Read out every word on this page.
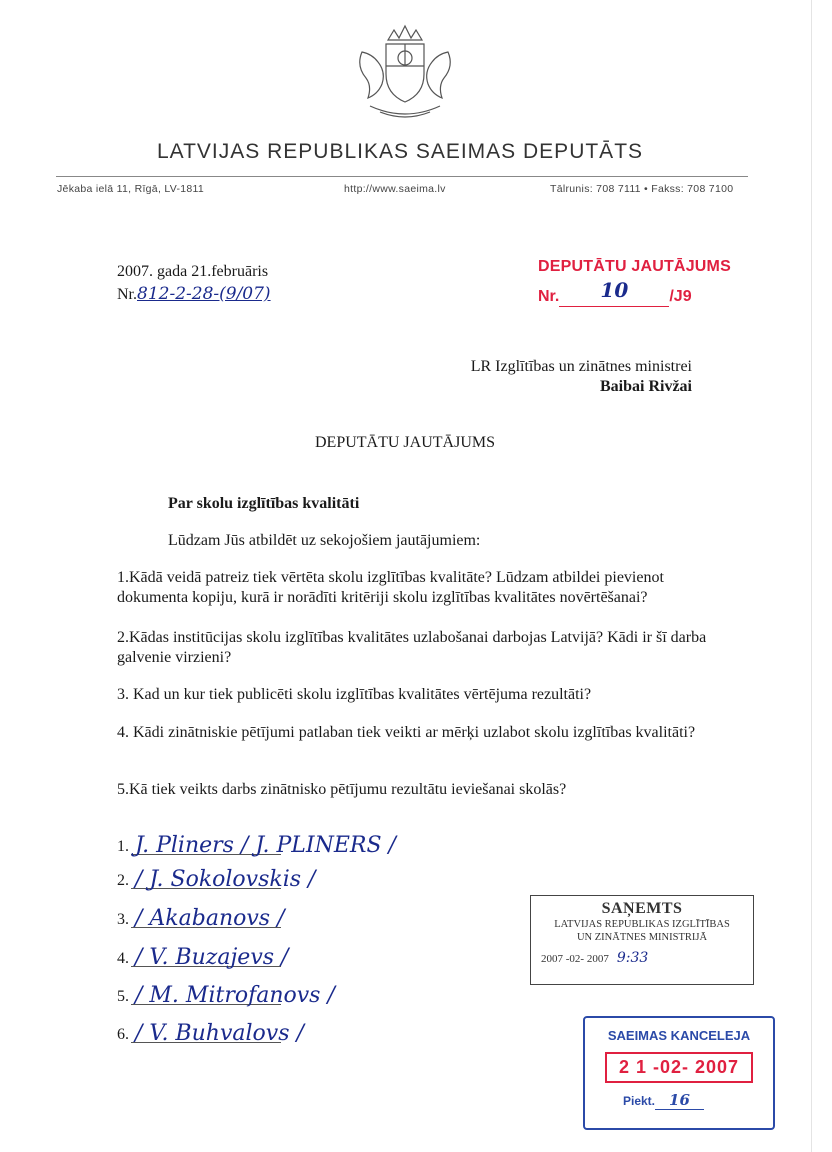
LATVIJAS REPUBLIKAS SAEIMAS DEPUTĀTS
Jēkaba ielā 11, Rīgā, LV-1811	http://www.saeima.lv	Tālrunis: 708 7111 • Fakss: 708 7100
2007. gada 21.februāris
Nr.812-2-28-(9/07)
DEPUTĀTU JAUTĀJUMS
Nr. 10	/J9
LR Izglītības un zinātnes ministrei
Baibai Rivžai
DEPUTĀTU JAUTĀJUMS
Par skolu izglītības kvalitāti
Lūdzam Jūs atbildēt uz sekojošiem jautājumiem:
1.Kādā veidā patreiz tiek vērtēta skolu izglītības kvalitāte? Lūdzam atbildei pievienot dokumenta kopiju, kurā ir norādīti kritēriji skolu izglītības kvalitātes novērtēšanai?
2.Kādas institūcijas skolu izglītības kvalitātes uzlabošanai darbojas Latvijā? Kādi ir šī darba galvenie virzieni?
3. Kad un kur tiek publicēti skolu izglītības kvalitātes vērtējuma rezultāti?
4. Kādi zinātniskie pētījumi patlaban tiek veikti ar mērķi uzlabot skolu izglītības kvalitāti?
5.Kā tiek veikts darbs zinātnisko pētījumu rezultātu ieviešanai skolās?
1. J. Pliners / J. PLINERS /
2. / J. Sokolovskis /
3. / Akabanovs /
4. / V. Buzajevs /
5. / M. Mitrofanovs /
6. / V. Buhvalovs /
SAŅEMTS
LATVIJAS REPUBLIKAS IZGLĪTĪBAS
UN ZINĀTNES MINISTRIJĀ
2007 -02- 2007 9:33
SAEIMAS KANCELEJA
2 1 -02- 2007
Piekt. 16
